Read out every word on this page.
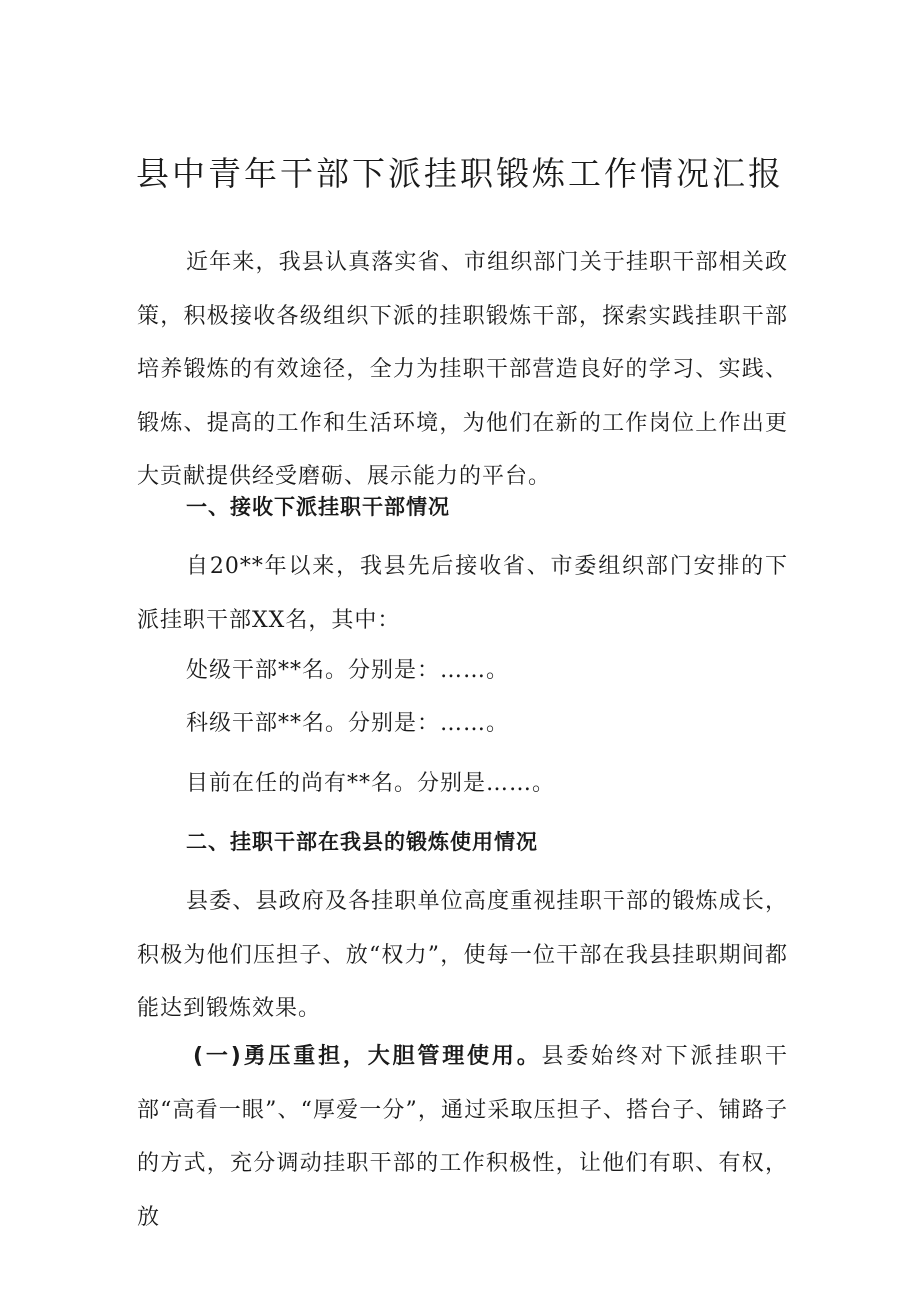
县中青年干部下派挂职锻炼工作情况汇报

近年来，我县认真落实省、市组织部门关于挂职干部相关政策，积极接收各级组织下派的挂职锻炼干部，探索实践挂职干部培养锻炼的有效途径，全力为挂职干部营造良好的学习、实践、锻炼、提高的工作和生活环境，为他们在新的工作岗位上作出更大贡献提供经受磨砺、展示能力的平台。

一、接收下派挂职干部情况

自20**年以来，我县先后接收省、市委组织部门安排的下派挂职干部XX名，其中：

处级干部**名。分别是：……。

科级干部**名。分别是：……。

目前在任的尚有**名。分别是……。

二、挂职干部在我县的锻炼使用情况

县委、县政府及各挂职单位高度重视挂职干部的锻炼成长，积极为他们压担子、放“权力”，使每一位干部在我县挂职期间都能达到锻炼效果。

(一)勇压重担，大胆管理使用。县委始终对下派挂职干部“高看一眼”、“厚爱一分”，通过采取压担子、搭台子、铺路子的方式，充分调动挂职干部的工作积极性，让他们有职、有权，放
